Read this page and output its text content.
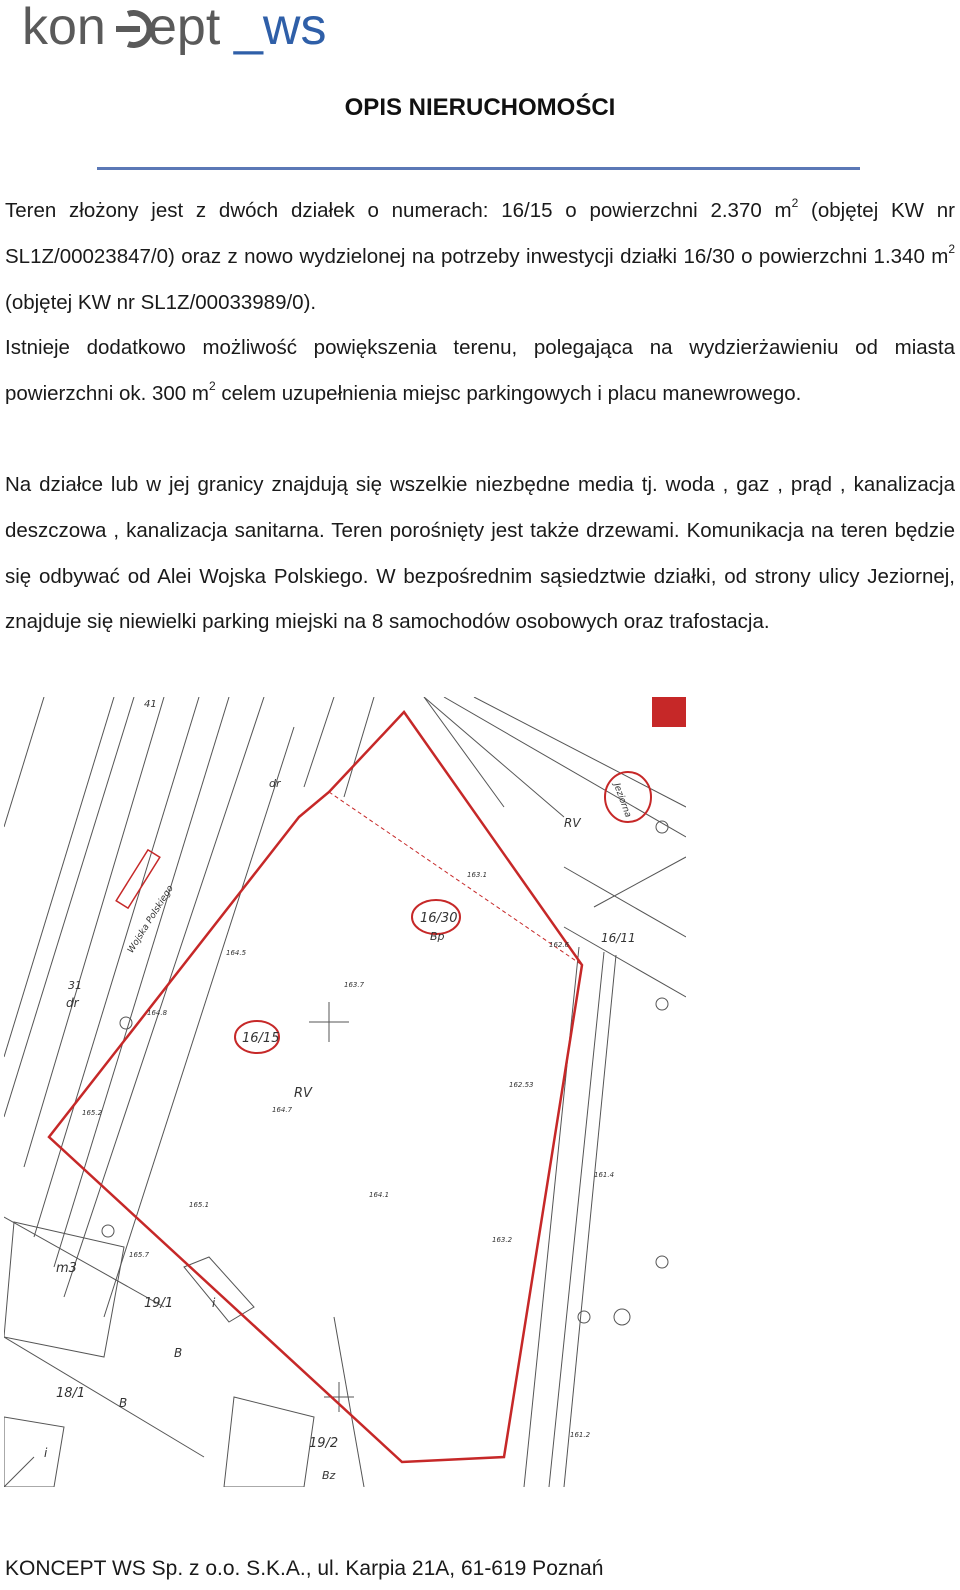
kon ept _ws
OPIS NIERUCHOMOŚCI
Teren złożony jest z dwóch działek o numerach: 16/15 o powierzchni 2.370 $m^2$ (objętej KW nr SL1Z/00023847/0) oraz z nowo wydzielonej na potrzeby inwestycji działki 16/30 o powierzchni 1.340 $m^2$ (objętej KW nr SL1Z/00033989/0).
Istnieje dodatkowo możliwość powiększenia terenu, polegająca na wydzierżawieniu od miasta powierzchni ok. 300 $m^2$ celem uzupełnienia miejsc parkingowych i placu manewrowego.
Na działce lub w jej granicy znajdują się wszelkie niezbędne media tj. woda , gaz , prąd , kanalizacja deszczowa , kanalizacja sanitarna. Teren porośnięty jest także drzewami. Komunikacja na teren będzie się odbywać od Alei Wojska Polskiego. W bezpośrednim sąsiedztwie działki, od strony ulicy Jeziornej, znajduje się niewielki parking miejski na 8 samochodów osobowych oraz trafostacja.
16/15
16/30
16/11
19/1
19/2
18/1
Wojska Polskiego
Jeziorna
RV
RV
Bp
B
B
Bz
dr
dr
m3
i
i
31
41
164.7
165.1
164.1
163.7
165.7
163.2
164.5
164.8
165.2
162.53
161.4
161.2
163.1
162.6
KONCEPT WS Sp. z o.o. S.K.A., ul. Karpia 21A, 61-619 Poznań
